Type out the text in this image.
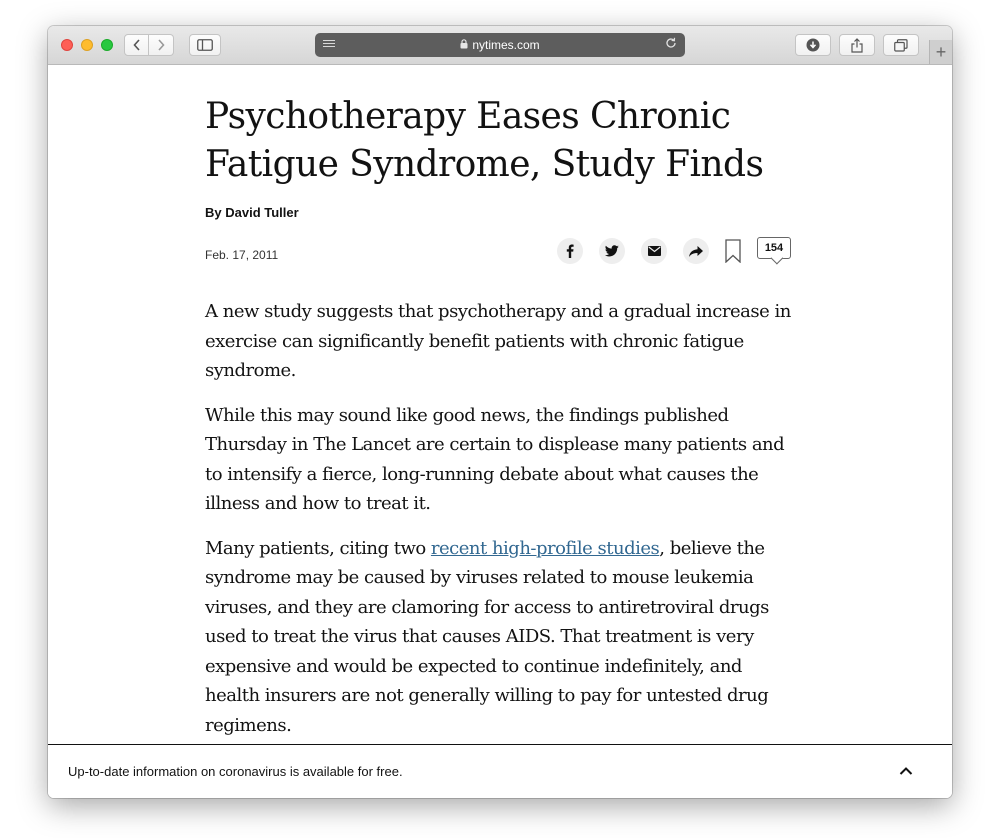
nytimes.com	+
Psychotherapy Eases Chronic Fatigue Syndrome, Study Finds
By David Tuller
Feb. 17, 2011	154

A new study suggests that psychotherapy and a gradual increase in exercise can significantly benefit patients with chronic fatigue syndrome.

While this may sound like good news, the findings published Thursday in The Lancet are certain to displease many patients and to intensify a fierce, long-running debate about what causes the illness and how to treat it.

Many patients, citing two recent high-profile studies, believe the syndrome may be caused by viruses related to mouse leukemia viruses, and they are clamoring for access to antiretroviral drugs used to treat the virus that causes AIDS. That treatment is very expensive and would be expected to continue indefinitely, and health insurers are not generally willing to pay for untested drug regimens.

Up-to-date information on coronavirus is available for free.
